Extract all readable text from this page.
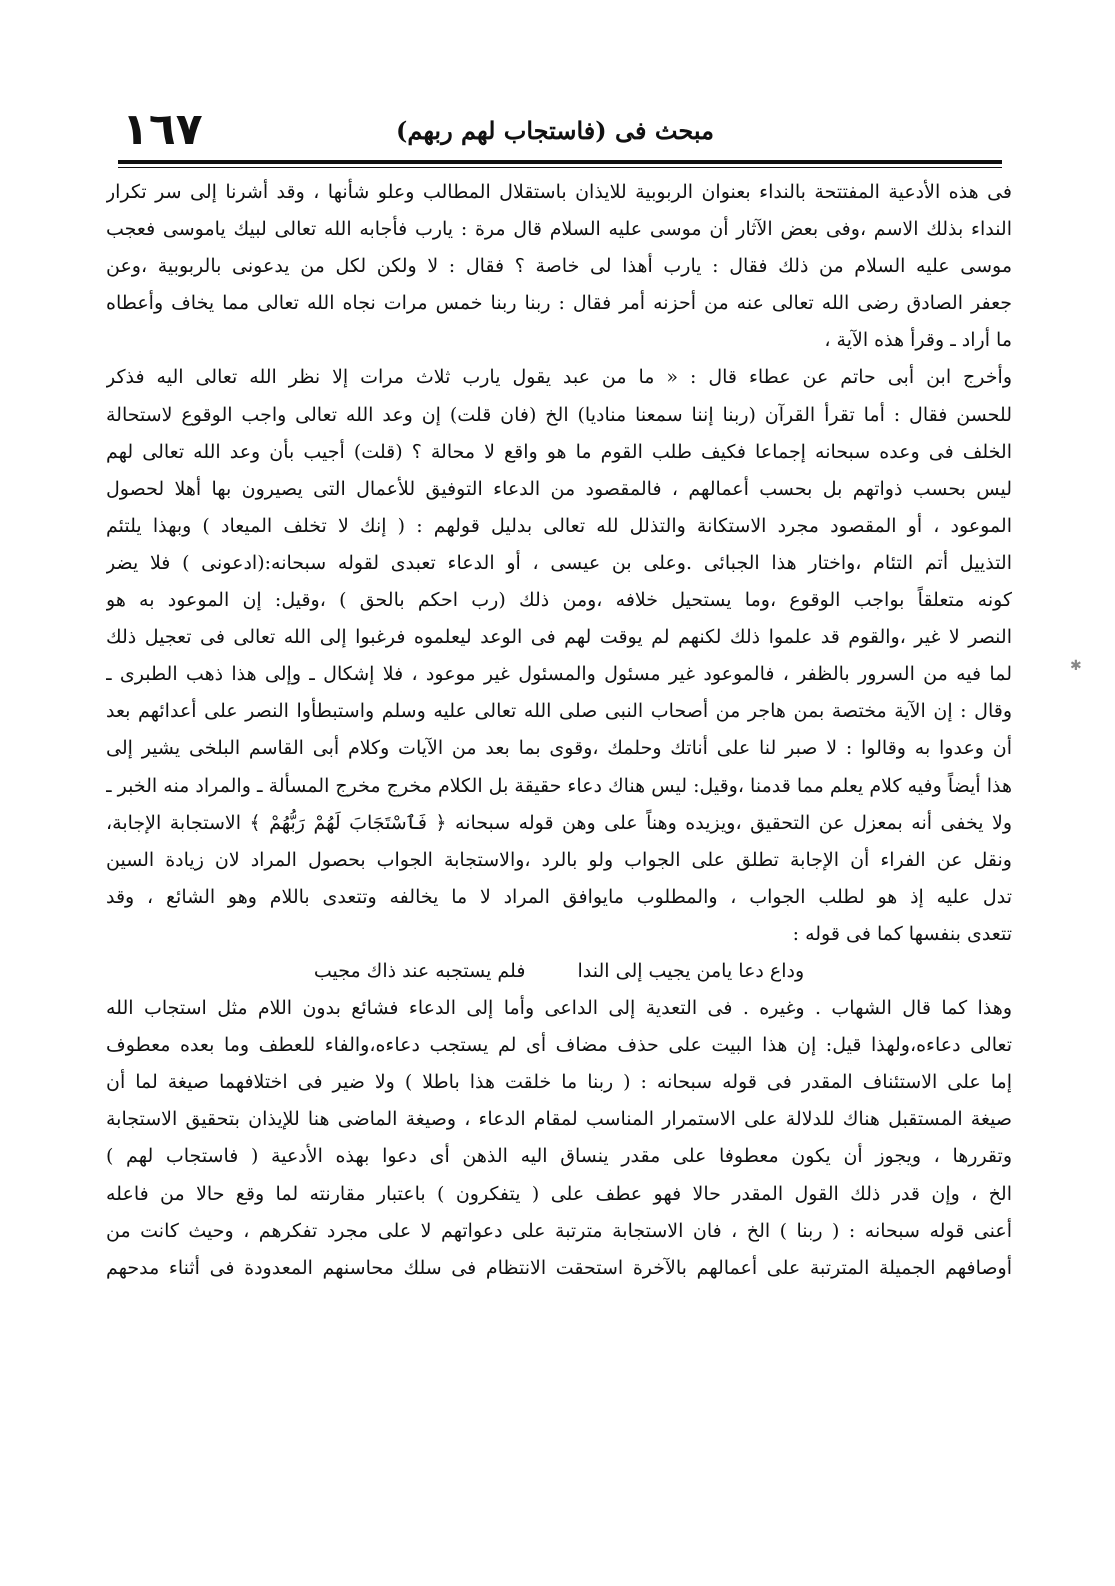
١٦٧	مبحث فى (فاستجاب لهم ربهم)
فى هذه الأدعية المفتتحة بالنداء بعنوان الربوبية للايذان باستقلال المطالب وعلو شأنها ، وقد أشرنا إلى سر تكرار
النداء بذلك الاسم ،وفى بعض الآثار أن موسى عليه السلام قال مرة : يارب فأجابه الله تعالى لبيك ياموسى فعجب
موسى عليه السلام من ذلك فقال : يارب أهذا لى خاصة ؟ فقال : لا ولكن لكل من يدعونى بالربوبية ،وعن
جعفر الصادق رضى الله تعالى عنه من أحزنه أمر فقال : ربنا ربنا خمس مرات نجاه الله تعالى مما يخاف وأعطاه
ما أراد ـ وقرأ هذه الآية ،
وأخرج ابن أبى حاتم عن عطاء قال : « ما من عبد يقول يارب ثلاث مرات إلا نظر الله تعالى اليه فذكر
للحسن فقال : أما تقرأ القرآن (ربنا إننا سمعنا مناديا) الخ (فان قلت) إن وعد الله تعالى واجب الوقوع لاستحالة
الخلف فى وعده سبحانه إجماعا فكيف طلب القوم ما هو واقع لا محالة ؟ (قلت) أجيب بأن وعد الله تعالى لهم
ليس بحسب ذواتهم بل بحسب أعمالهم ، فالمقصود من الدعاء التوفيق للأعمال التى يصيرون بها أهلا لحصول
الموعود ، أو المقصود مجرد الاستكانة والتذلل لله تعالى بدليل قولهم : ( إنك لا تخلف الميعاد ) وبهذا يلتئم
التذييل أتم التئام ،واختار هذا الجبائى .وعلى بن عيسى ، أو الدعاء تعبدى لقوله سبحانه:(ادعونى ) فلا يضر
كونه متعلقاً بواجب الوقوع ،وما يستحيل خلافه ،ومن ذلك (رب احكم بالحق ) ،وقيل: إن الموعود به هو
النصر لا غير ،والقوم قد علموا ذلك لكنهم لم يوقت لهم فى الوعد ليعلموه فرغبوا إلى الله تعالى فى تعجيل ذلك
لما فيه من السرور بالظفر ، فالموعود غير مسئول والمسئول غير موعود ، فلا إشكال ـ وإلى هذا ذهب الطبرى ـ
وقال : إن الآية مختصة بمن هاجر من أصحاب النبى صلى الله تعالى عليه وسلم واستبطأوا النصر على أعدائهم بعد
أن وعدوا به وقالوا : لا صبر لنا على أناتك وحلمك ،وقوى بما بعد من الآيات وكلام أبى القاسم البلخى يشير إلى
هذا أيضاً وفيه كلام يعلم مما قدمنا ،وقيل: ليس هناك دعاء حقيقة بل الكلام مخرج مخرج المسألة ـ والمراد منه الخبر ـ
ولا يخفى أنه بمعزل عن التحقيق ،ويزيده وهناً على وهن قوله سبحانه ﴿ فَٱسْتَجَابَ لَهُمْ رَبُّهُمْ ﴾ الاستجابة الإجابة،
ونقل عن الفراء أن الإجابة تطلق على الجواب ولو بالرد ،والاستجابة الجواب بحصول المراد لان زيادة السين
تدل عليه إذ هو لطلب الجواب ، والمطلوب مايوافق المراد لا ما يخالفه وتتعدى باللام وهو الشائع ، وقد
تتعدى بنفسها كما فى قوله :
وداع دعا يامن يجيب إلى الندا  فلم يستجبه عند ذاك مجيب
وهذا كما قال الشهاب . وغيره . فى التعدية إلى الداعى وأما إلى الدعاء فشائع بدون اللام مثل استجاب الله
تعالى دعاءه،ولهذا قيل: إن هذا البيت على حذف مضاف أى لم يستجب دعاءه،والفاء للعطف وما بعده معطوف
إما على الاستئناف المقدر فى قوله سبحانه : ( ربنا ما خلقت هذا باطلا ) ولا ضير فى اختلافهما صيغة لما أن
صيغة المستقبل هناك للدلالة على الاستمرار المناسب لمقام الدعاء ، وصيغة الماضى هنا للإيذان بتحقيق الاستجابة
وتقررها ، ويجوز أن يكون معطوفا على مقدر ينساق اليه الذهن أى دعوا بهذه الأدعية ( فاستجاب لهم )
الخ ، وإن قدر ذلك القول المقدر حالا فهو عطف على ( يتفكرون ) باعتبار مقارنته لما وقع حالا من فاعله
أعنى قوله سبحانه : ( ربنا ) الخ ، فان الاستجابة مترتبة على دعواتهم لا على مجرد تفكرهم ، وحيث كانت من
أوصافهم الجميلة المترتبة على أعمالهم بالآخرة استحقت الانتظام فى سلك محاسنهم المعدودة فى أثناء مدحهم
✱
